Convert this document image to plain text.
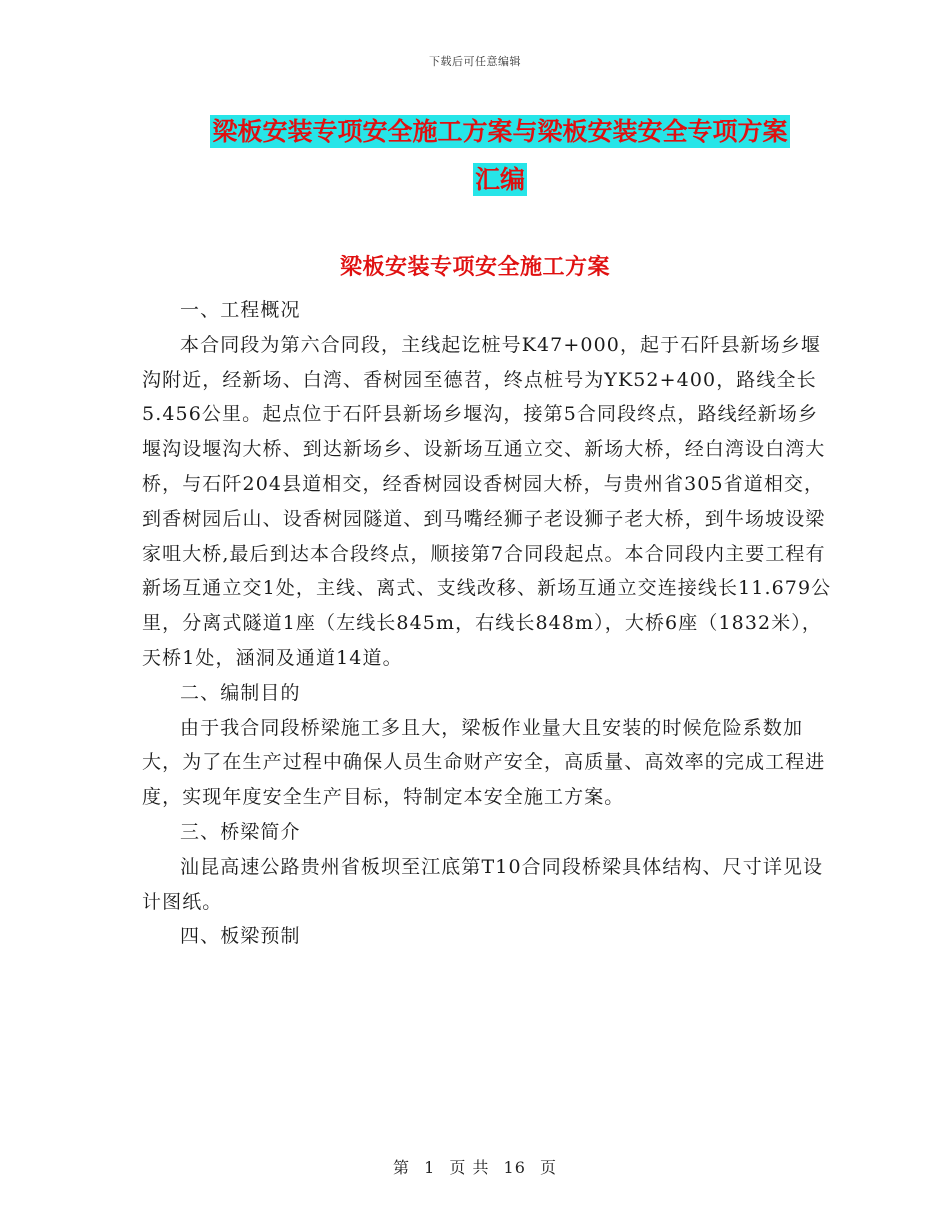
下载后可任意编辑
梁板安装专项安全施工方案与梁板安装安全专项方案
汇编
梁板安装专项安全施工方案

一、工程概况

本合同段为第六合同段，主线起讫桩号K47+000，起于石阡县新场乡堰沟附近，经新场、白湾、香树园至德苕，终点桩号为YK52+400，路线全长5.456公里。起点位于石阡县新场乡堰沟，接第5合同段终点，路线经新场乡堰沟设堰沟大桥、到达新场乡、设新场互通立交、新场大桥，经白湾设白湾大桥，与石阡204县道相交，经香树园设香树园大桥，与贵州省305省道相交，到香树园后山、设香树园隧道、到马嘴经狮子老设狮子老大桥，到牛场坡设梁家咀大桥,最后到达本合段终点，顺接第7合同段起点。本合同段内主要工程有新场互通立交1处，主线、离式、支线改移、新场互通立交连接线长11.679公里，分离式隧道1座（左线长845m，右线长848m），大桥6座（1832米），天桥1处，涵洞及通道14道。

二、编制目的

由于我合同段桥梁施工多且大，梁板作业量大且安装的时候危险系数加大，为了在生产过程中确保人员生命财产安全，高质量、高效率的完成工程进度，实现年度安全生产目标，特制定本安全施工方案。

三、桥梁简介

汕昆高速公路贵州省板坝至江底第T10合同段桥梁具体结构、尺寸详见设计图纸。

四、板梁预制

第 1 页 共 16 页
